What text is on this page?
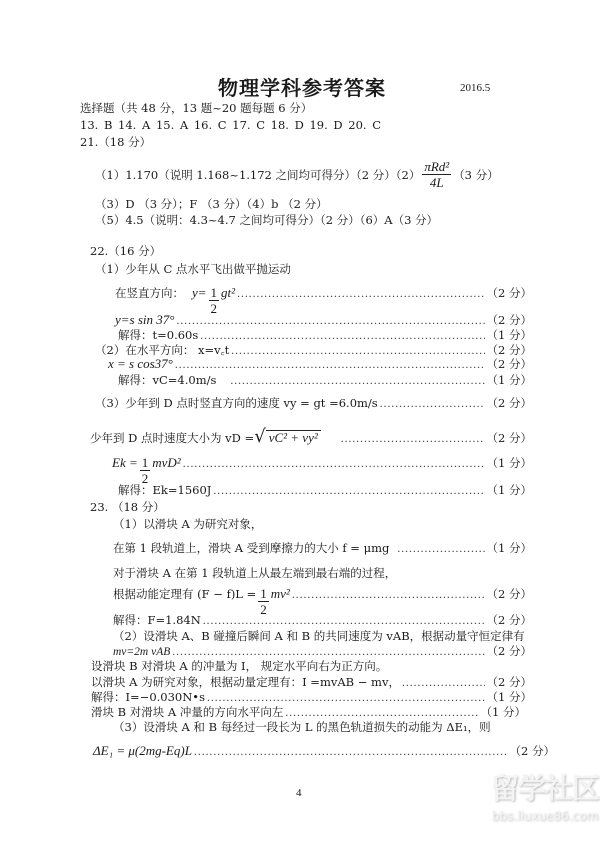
物理学科参考答案	2016.5
选择题（共 48 分，13 题~20 题每题 6 分）
13. B 14. A 15. A 16. C 17. C 18. D 19. D 20. C
21.（18 分）
（1）1.170（说明 1.168~1.172 之间均可得分）（2 分）$(2) \frac{\text{πRd²}}{4L} (3$ 分）
（3）D （3 分）；F （3 分）（4）b （2 分）
（5）4.5（说明：4.3~4.7 之间均可得分）（2 分）（6）A（3 分）
22.（16 分）
（1）少年从 C 点水平飞出做平抛运动
在竖直方向： $y= \frac{1}{2} gt^2$ .....	（2 分）
y=s sin 37° .....	（2 分）
解得：t=0.60s .....	（1 分）
（2）在水平方向： x=v꜀t .....	（2 分）
x = s cos37° .....	（2 分）
解得：vC=4.0m/s .....	（1 分）
（3）少年到 D 点时竖直方向的速度 vy = gt =6.0m/s .....	（2 分）
少年到 D 点时速度大小为 vD = √ vC² + vy² .....	（2 分）
$Ek = \frac{1}{2} mvD^2$ .....	（1 分）
解得：Ek=1560J .....	（1 分）
23. （18 分）
（1）以滑块 A 为研究对象，
在第 1 段轨道上，滑块 A 受到摩擦力的大小 f = μmg .....	（1 分）
对于滑块 A 在第 1 段轨道上从最左端到最右端的过程，
根据动能定理有 $(F - f)L = \frac{1}{2} mv^2$ .....	（2 分）
解得：F=1.84N .....	（2 分）
（2）设滑块 A、B 碰撞后瞬间 A 和 B 的共同速度为 vAB，根据动量守恒定律有
mv=2m vAB .....	（2 分）
设滑块 B 对滑块 A 的冲量为 I， 规定水平向右为正方向。
以滑块 A 为研究对象，根据动量定理有：I =mvAB − mv， .....	（2 分）
解得：I=−0.030N•s .....	（1 分）
滑块 B 对滑块 A 冲量的方向水平向左 .....	（1 分）
（3）设滑块 A 和 B 每经过一段长为 L 的黑色轨道损失的动能为 ΔE₁，则
ΔE₁ = μ(2mg-Eq)L .....	（2 分）
4	留学社区
bbs.liuxue86.com
